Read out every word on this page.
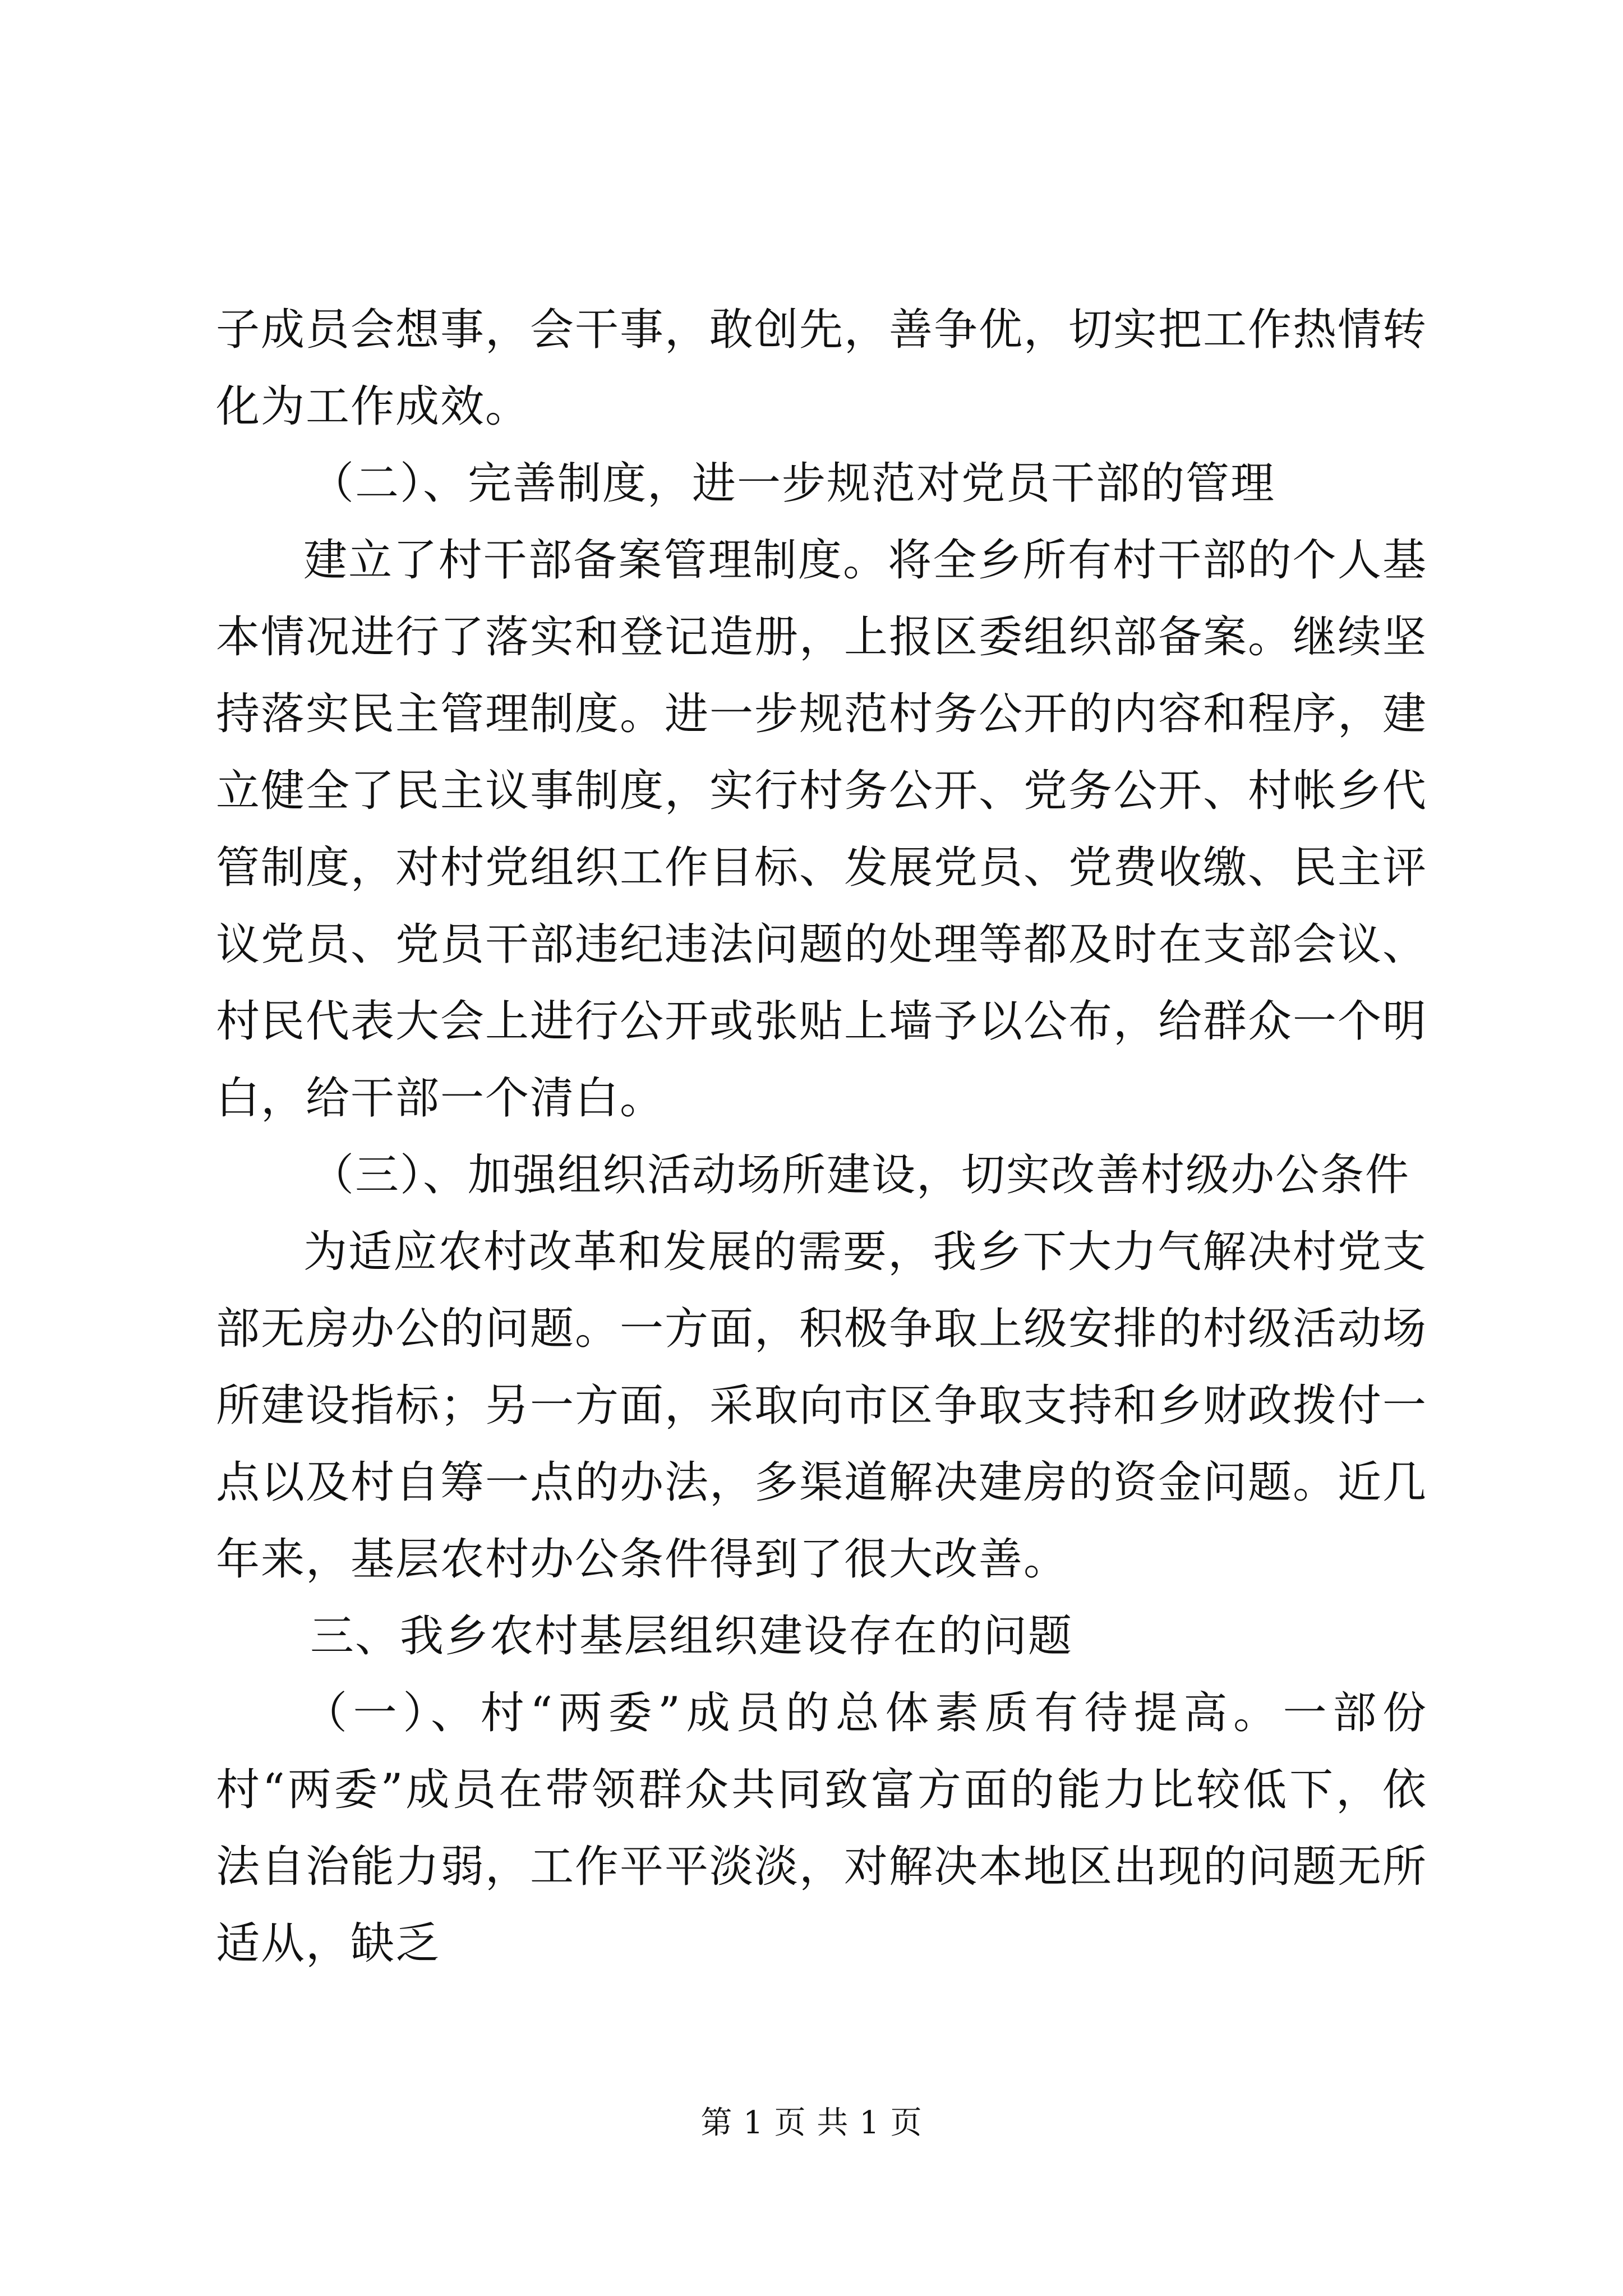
子成员会想事，会干事，敢创先，善争优，切实把工作热情转化为工作成效。

（二）、完善制度，进一步规范对党员干部的管理

建立了村干部备案管理制度。将全乡所有村干部的个人基本情况进行了落实和登记造册，上报区委组织部备案。继续坚持落实民主管理制度。进一步规范村务公开的内容和程序，建立健全了民主议事制度，实行村务公开、党务公开、村帐乡代管制度，对村党组织工作目标、发展党员、党费收缴、民主评议党员、党员干部违纪违法问题的处理等都及时在支部会议、村民代表大会上进行公开或张贴上墙予以公布，给群众一个明白，给干部一个清白。

（三）、加强组织活动场所建设，切实改善村级办公条件

为适应农村改革和发展的需要，我乡下大力气解决村党支部无房办公的问题。一方面，积极争取上级安排的村级活动场所建设指标；另一方面，采取向市区争取支持和乡财政拨付一点以及村自筹一点的办法，多渠道解决建房的资金问题。近几年来，基层农村办公条件得到了很大改善。

三、我乡农村基层组织建设存在的问题

（一）、村“两委”成员的总体素质有待提高。一部份村“两委”成员在带领群众共同致富方面的能力比较低下，依法自治能力弱，工作平平淡淡，对解决本地区出现的问题无所适从，缺乏

第 1 页 共 1 页
